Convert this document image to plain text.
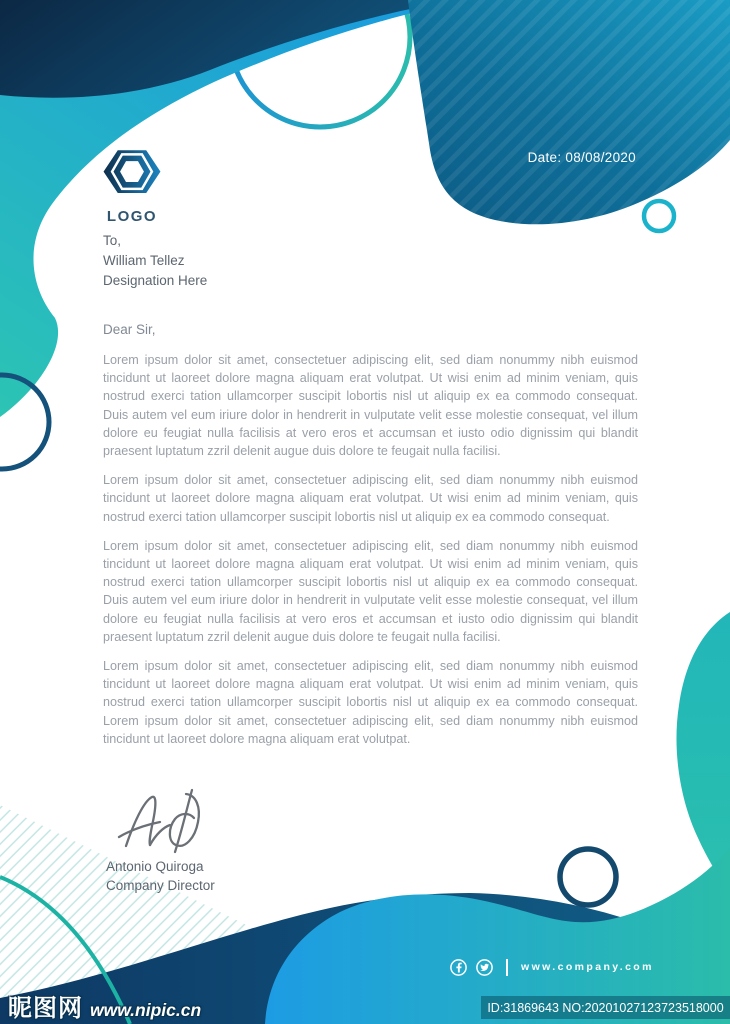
LOGO
Date: 08/08/2020
To,
William Tellez
Designation Here
Dear Sir,

Lorem ipsum dolor sit amet, consectetuer adipiscing elit, sed diam nonummy nibh euismod tincidunt ut laoreet dolore magna aliquam erat volutpat. Ut wisi enim ad minim veniam, quis nostrud exerci tation ullamcorper suscipit lobortis nisl ut aliquip ex ea commodo consequat. Duis autem vel eum iriure dolor in hendrerit in vulputate velit esse molestie consequat, vel illum dolore eu feugiat nulla facilisis at vero eros et accumsan et iusto odio dignissim qui blandit praesent luptatum zzril delenit augue duis dolore te feugait nulla facilisi.

Lorem ipsum dolor sit amet, consectetuer adipiscing elit, sed diam nonummy nibh euismod tincidunt ut laoreet dolore magna aliquam erat volutpat. Ut wisi enim ad minim veniam, quis nostrud exerci tation ullamcorper suscipit lobortis nisl ut aliquip ex ea commodo consequat.

Lorem ipsum dolor sit amet, consectetuer adipiscing elit, sed diam nonummy nibh euismod tincidunt ut laoreet dolore magna aliquam erat volutpat. Ut wisi enim ad minim veniam, quis nostrud exerci tation ullamcorper suscipit lobortis nisl ut aliquip ex ea commodo consequat. Duis autem vel eum iriure dolor in hendrerit in vulputate velit esse molestie consequat, vel illum dolore eu feugiat nulla facilisis at vero eros et accumsan et iusto odio dignissim qui blandit praesent luptatum zzril delenit augue duis dolore te feugait nulla facilisi.

Lorem ipsum dolor sit amet, consectetuer adipiscing elit, sed diam nonummy nibh euismod tincidunt ut laoreet dolore magna aliquam erat volutpat. Ut wisi enim ad minim veniam, quis nostrud exerci tation ullamcorper suscipit lobortis nisl ut aliquip ex ea commodo consequat. Lorem ipsum dolor sit amet, consectetuer adipiscing elit, sed diam nonummy nibh euismod tincidunt ut laoreet dolore magna aliquam erat volutpat.

Antonio Quiroga
Company Director
www.company.com
ID:31869643 NO:20201027123723518000
昵图网 www.nipic.cn
